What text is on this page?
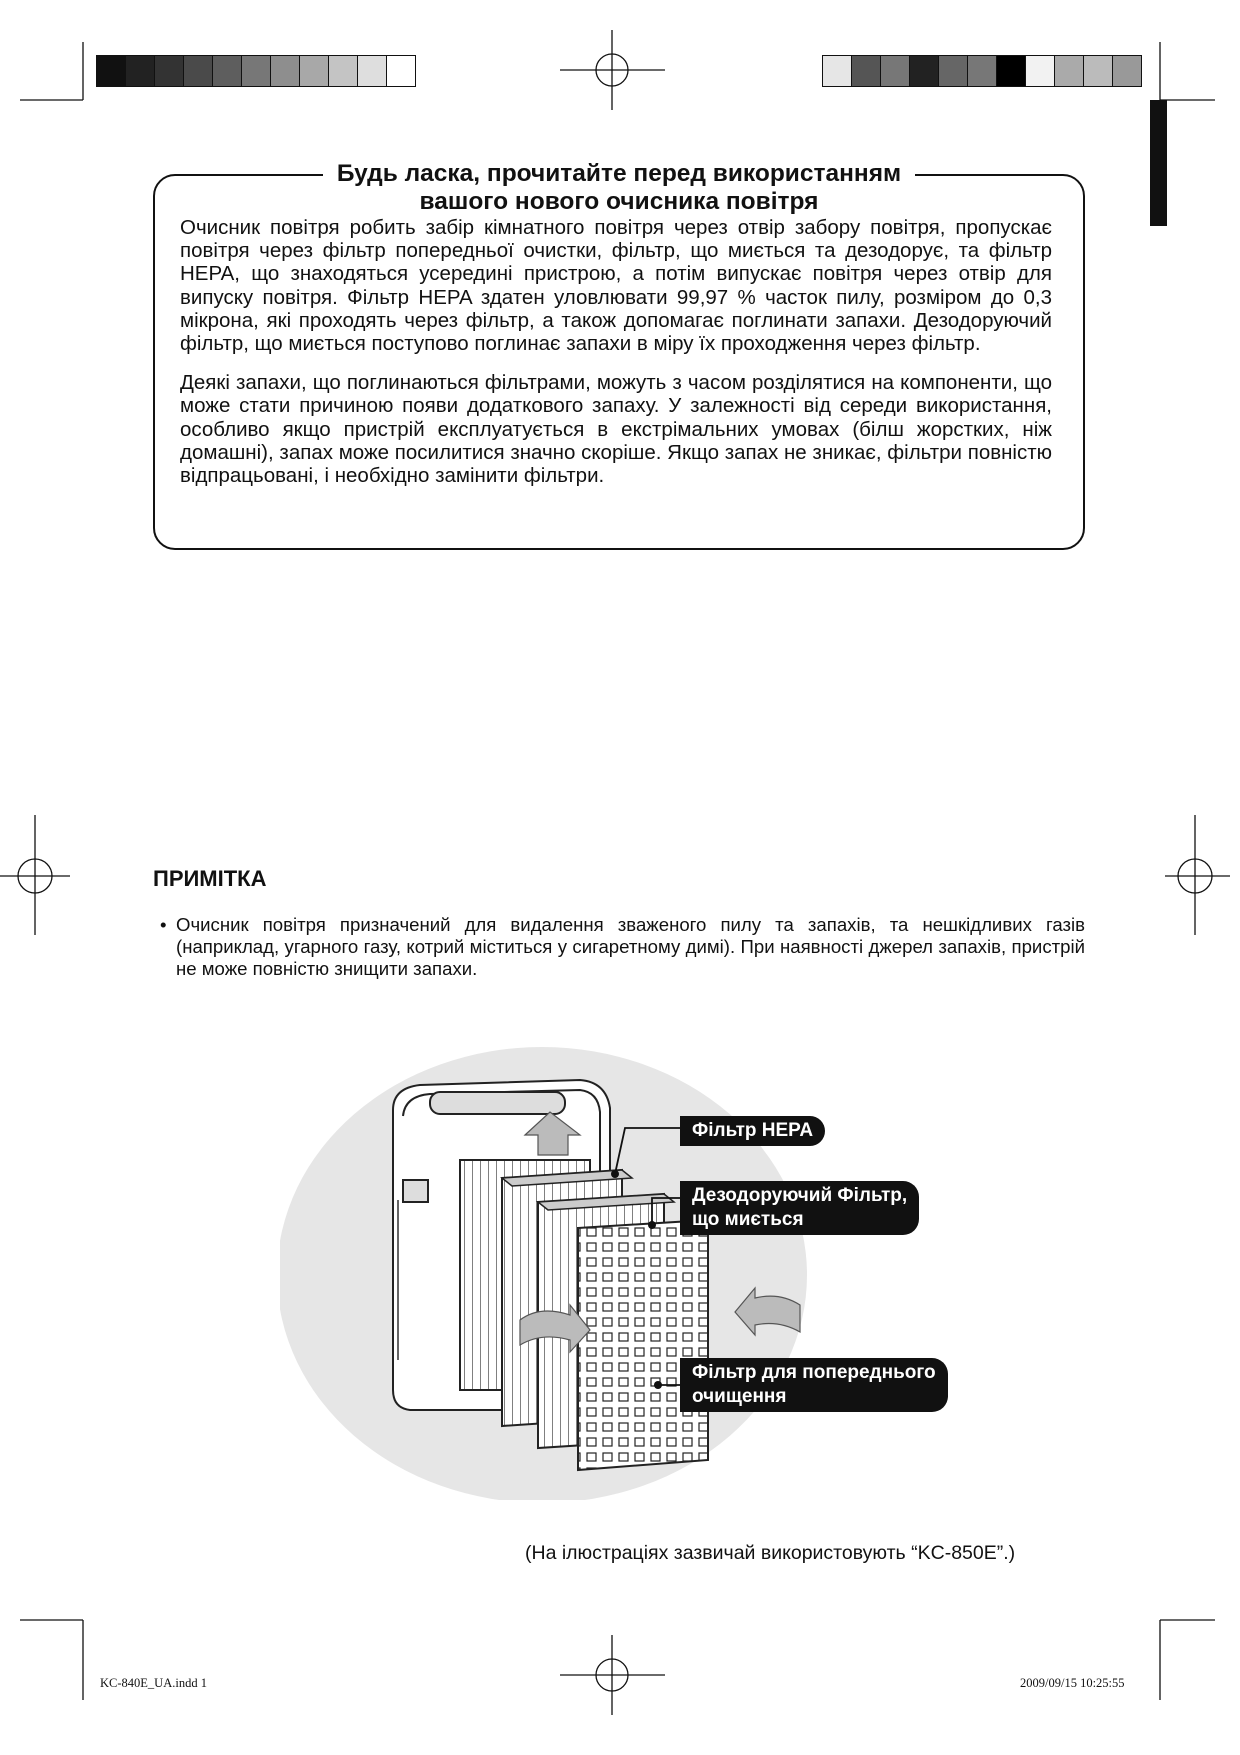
Будь ласка, прочитайте перед використанням
вашого нового очисника повітря

Очисник повітря робить забір кімнатного повітря через отвір забору повітря, пропускає повітря через фільтр попередньої очистки, фільтр, що миється та дезодорує, та фільтр HEPA, що знаходяться усередині пристрою, а потім випускає повітря через отвір для випуску повітря. Фільтр HEPA здатен уловлювати 99,97 % часток пилу, розміром до 0,3 мікрона, які проходять через фільтр, а також допомагає поглинати запахи. Дезодоруючий фільтр, що миється поступово поглинає запахи в міру їх проходження через фільтр.

Деякі запахи, що поглинаються фільтрами, можуть з часом розділятися на компоненти, що може стати причиною появи додаткового запаху. У залежності від середи використання, особливо якщо пристрій експлуатується в екстрімальних умовах (білш жорстких, ніж домашні), запах може посилитися значно скоріше. Якщо запах не зникає, фільтри повністю відпрацьовані, і необхідно замінити фільтри.

ПРИМІТКА
• Очисник повітря призначений для видалення зваженого пилу та запахів, та нешкідливих газів (наприклад, угарного газу, котрий міститься у сигаретному димі). При наявності джерел запахів, пристрій не може повністю знищити запахи.
Фільтр HEPA
Дезодоруючий Фільтр,
що миється
Фільтр для попереднього
очищення
(На ілюстраціях зазвичай використовують “KC-850E”.)
KC-840E_UA.indd 1	2009/09/15 10:25:55
